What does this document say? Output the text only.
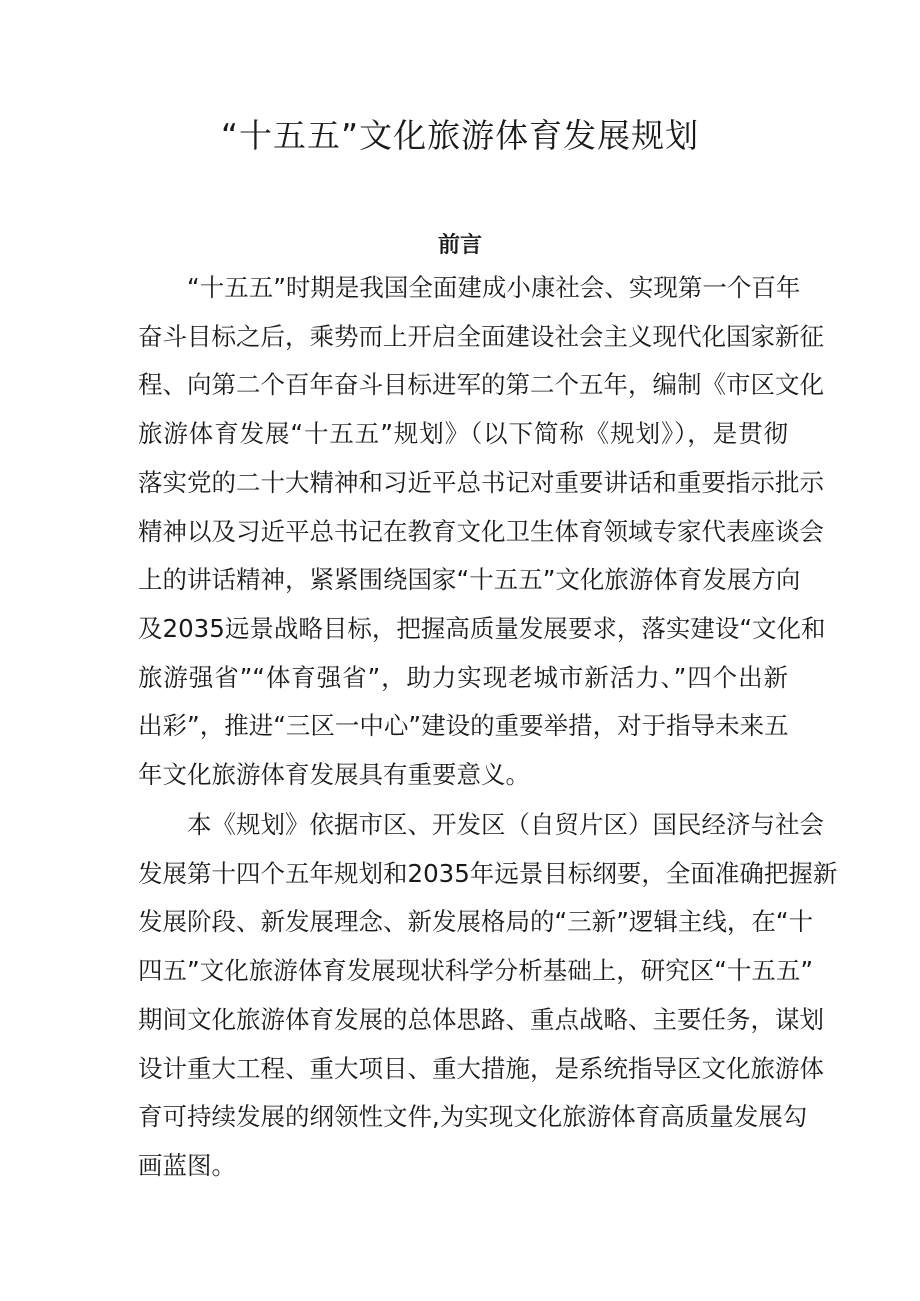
“十五五”文化旅游体育发展规划
前言
“十五五”时期是我国全面建成小康社会、实现第一个百年
奋斗目标之后，乘势而上开启全面建设社会主义现代化国家新征
程、向第二个百年奋斗目标进军的第二个五年，编制《市区文化
旅游体育发展“十五五”规划》（以下简称《规划》），是贯彻
落实党的二十大精神和习近平总书记对重要讲话和重要指示批示
精神以及习近平总书记在教育文化卫生体育领域专家代表座谈会
上的讲话精神，紧紧围绕国家“十五五”文化旅游体育发展方向
及2035远景战略目标，把握高质量发展要求，落实建设“文化和
旅游强省”“体育强省”，助力实现老城市新活力、”四个出新
出彩”，推进“三区一中心”建设的重要举措，对于指导未来五
年文化旅游体育发展具有重要意义。
本《规划》依据市区、开发区（自贸片区）国民经济与社会
发展第十四个五年规划和2035年远景目标纲要，全面准确把握新
发展阶段、新发展理念、新发展格局的“三新”逻辑主线，在“十
四五”文化旅游体育发展现状科学分析基础上，研究区“十五五”
期间文化旅游体育发展的总体思路、重点战略、主要任务，谋划
设计重大工程、重大项目、重大措施，是系统指导区文化旅游体
育可持续发展的纲领性文件,为实现文化旅游体育高质量发展勾
画蓝图。
